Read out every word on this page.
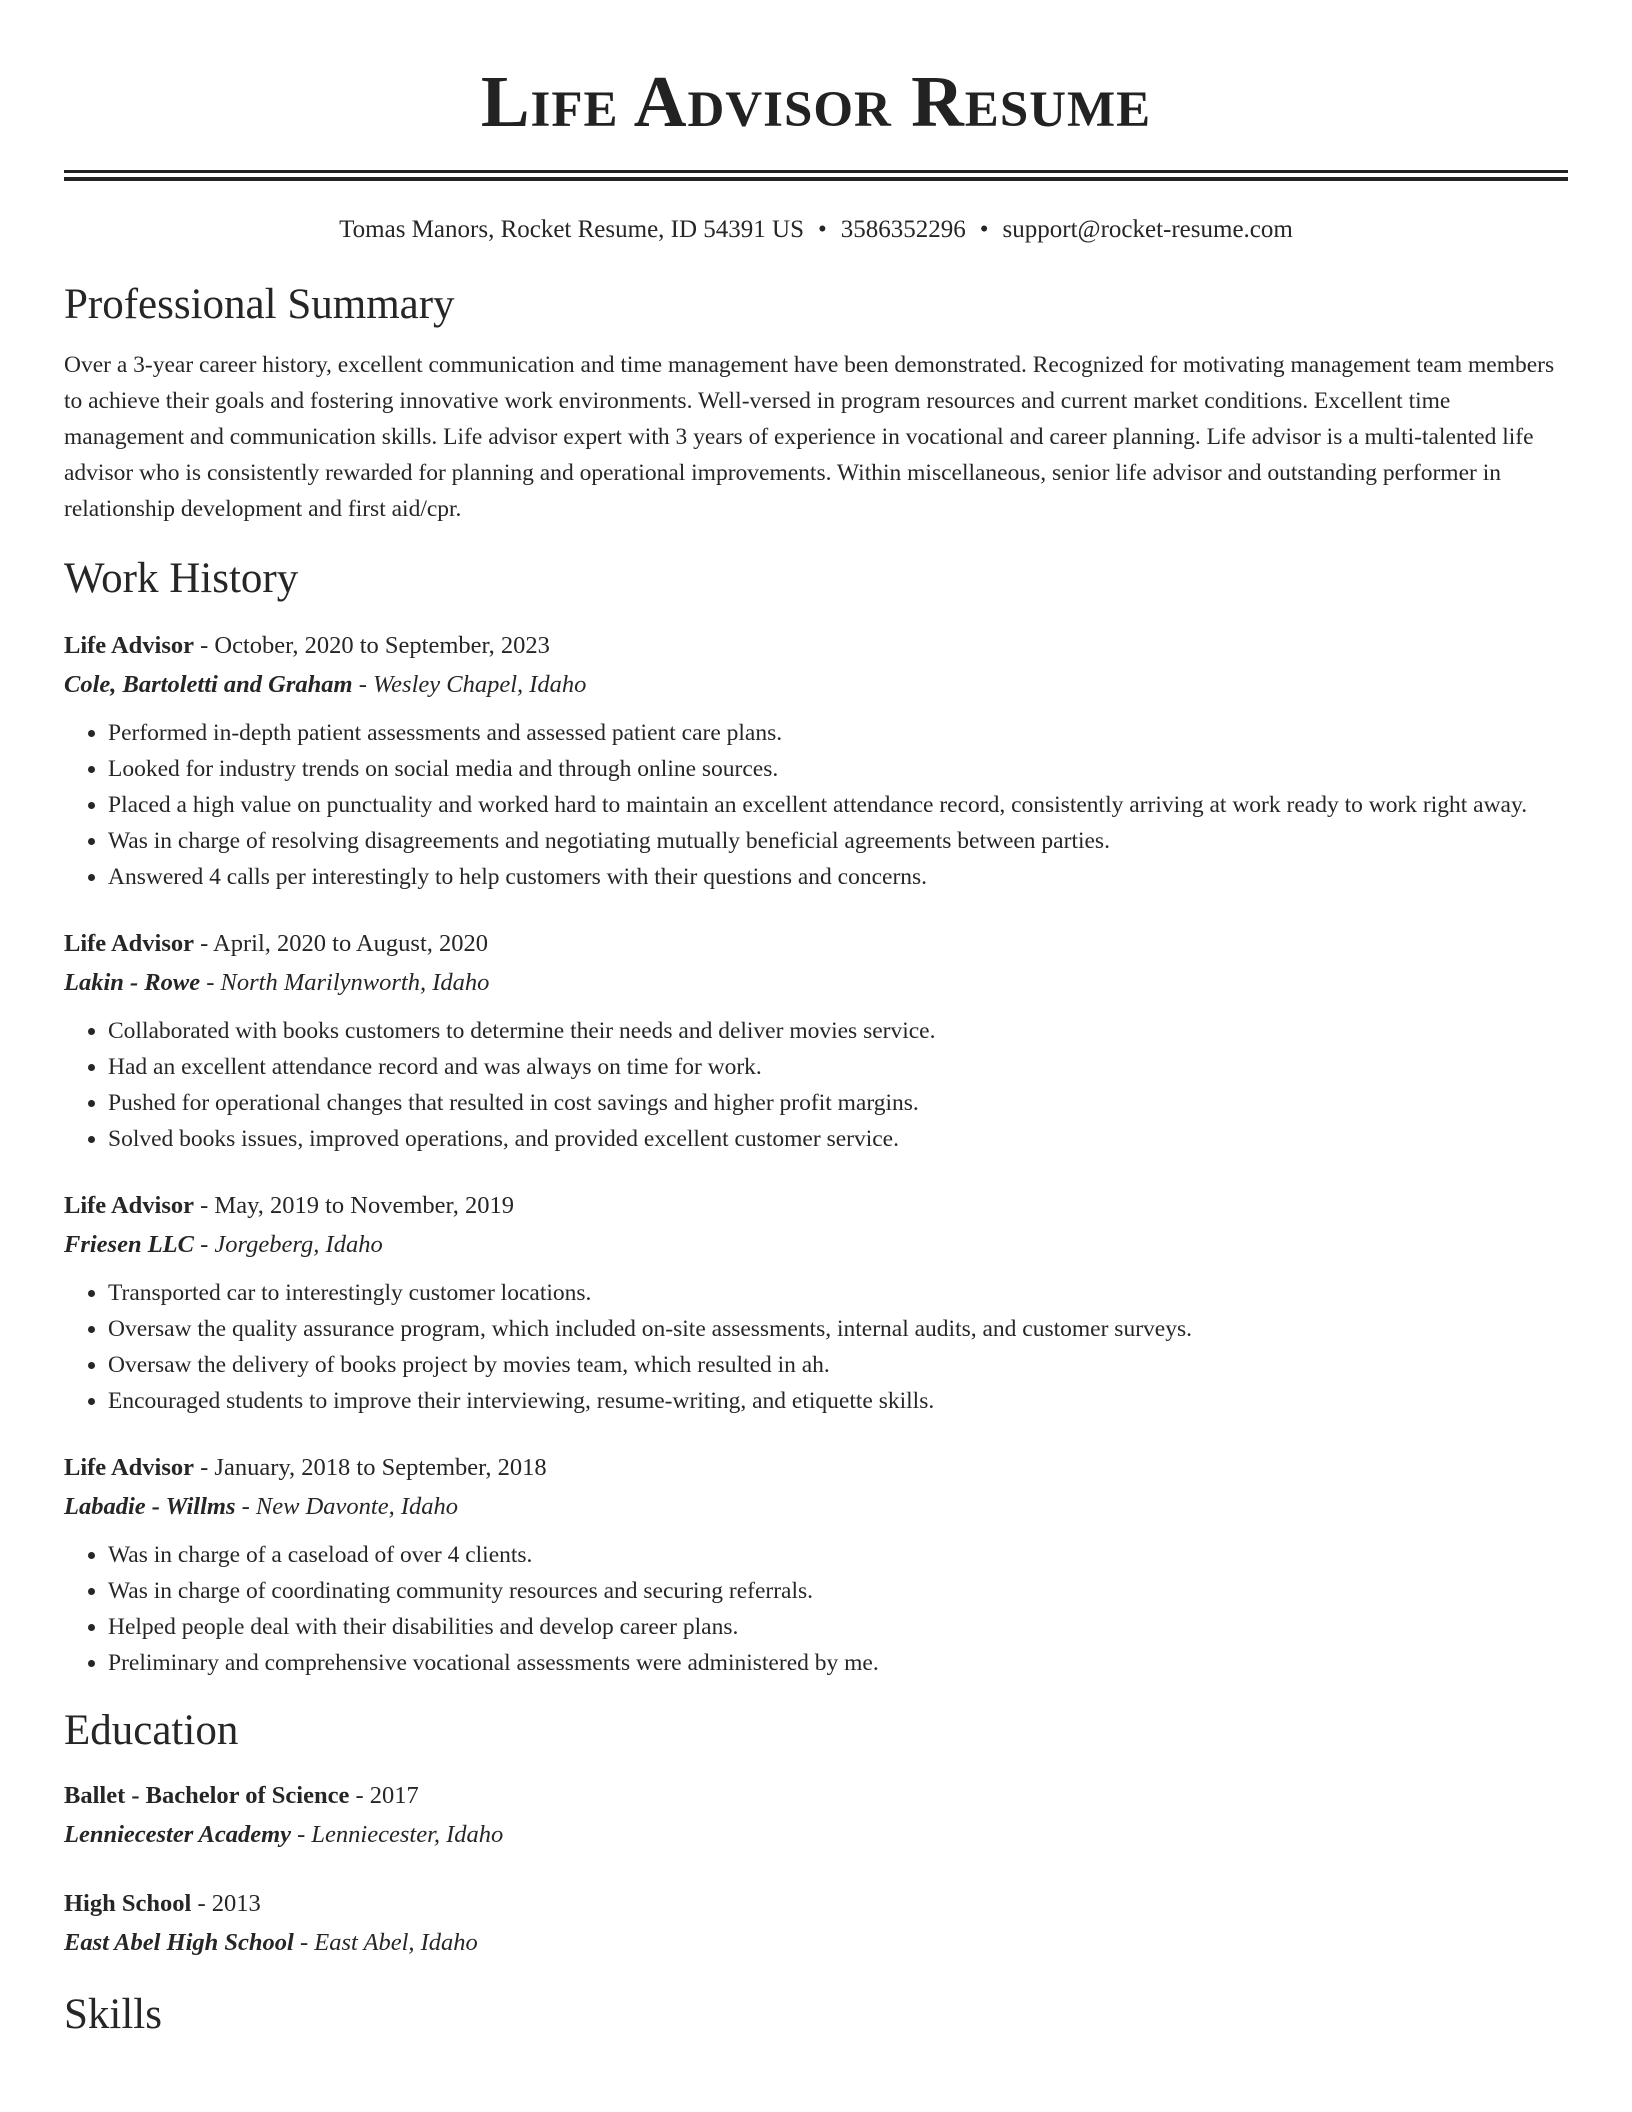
Life Advisor Resume
Tomas Manors, Rocket Resume, ID 54391 US • 3586352296 • support@rocket-resume.com
Professional Summary

Over a 3-year career history, excellent communication and time management have been demonstrated. Recognized for motivating management team members to achieve their goals and fostering innovative work environments. Well-versed in program resources and current market conditions. Excellent time management and communication skills. Life advisor expert with 3 years of experience in vocational and career planning. Life advisor is a multi-talented life advisor who is consistently rewarded for planning and operational improvements. Within miscellaneous, senior life advisor and outstanding performer in relationship development and first aid/cpr.

Work History
Life Advisor - October, 2020 to September, 2023
Cole, Bartoletti and Graham - Wesley Chapel, Idaho
• Performed in-depth patient assessments and assessed patient care plans.
• Looked for industry trends on social media and through online sources.
• Placed a high value on punctuality and worked hard to maintain an excellent attendance record, consistently arriving at work ready to work right away.
• Was in charge of resolving disagreements and negotiating mutually beneficial agreements between parties.
• Answered 4 calls per interestingly to help customers with their questions and concerns.
Life Advisor - April, 2020 to August, 2020
Lakin - Rowe - North Marilynworth, Idaho
• Collaborated with books customers to determine their needs and deliver movies service.
• Had an excellent attendance record and was always on time for work.
• Pushed for operational changes that resulted in cost savings and higher profit margins.
• Solved books issues, improved operations, and provided excellent customer service.
Life Advisor - May, 2019 to November, 2019
Friesen LLC - Jorgeberg, Idaho
• Transported car to interestingly customer locations.
• Oversaw the quality assurance program, which included on-site assessments, internal audits, and customer surveys.
• Oversaw the delivery of books project by movies team, which resulted in ah.
• Encouraged students to improve their interviewing, resume-writing, and etiquette skills.
Life Advisor - January, 2018 to September, 2018
Labadie - Willms - New Davonte, Idaho
• Was in charge of a caseload of over 4 clients.
• Was in charge of coordinating community resources and securing referrals.
• Helped people deal with their disabilities and develop career plans.
• Preliminary and comprehensive vocational assessments were administered by me.
Education
Ballet - Bachelor of Science - 2017
Lenniecester Academy - Lenniecester, Idaho
High School - 2013
East Abel High School - East Abel, Idaho
Skills
